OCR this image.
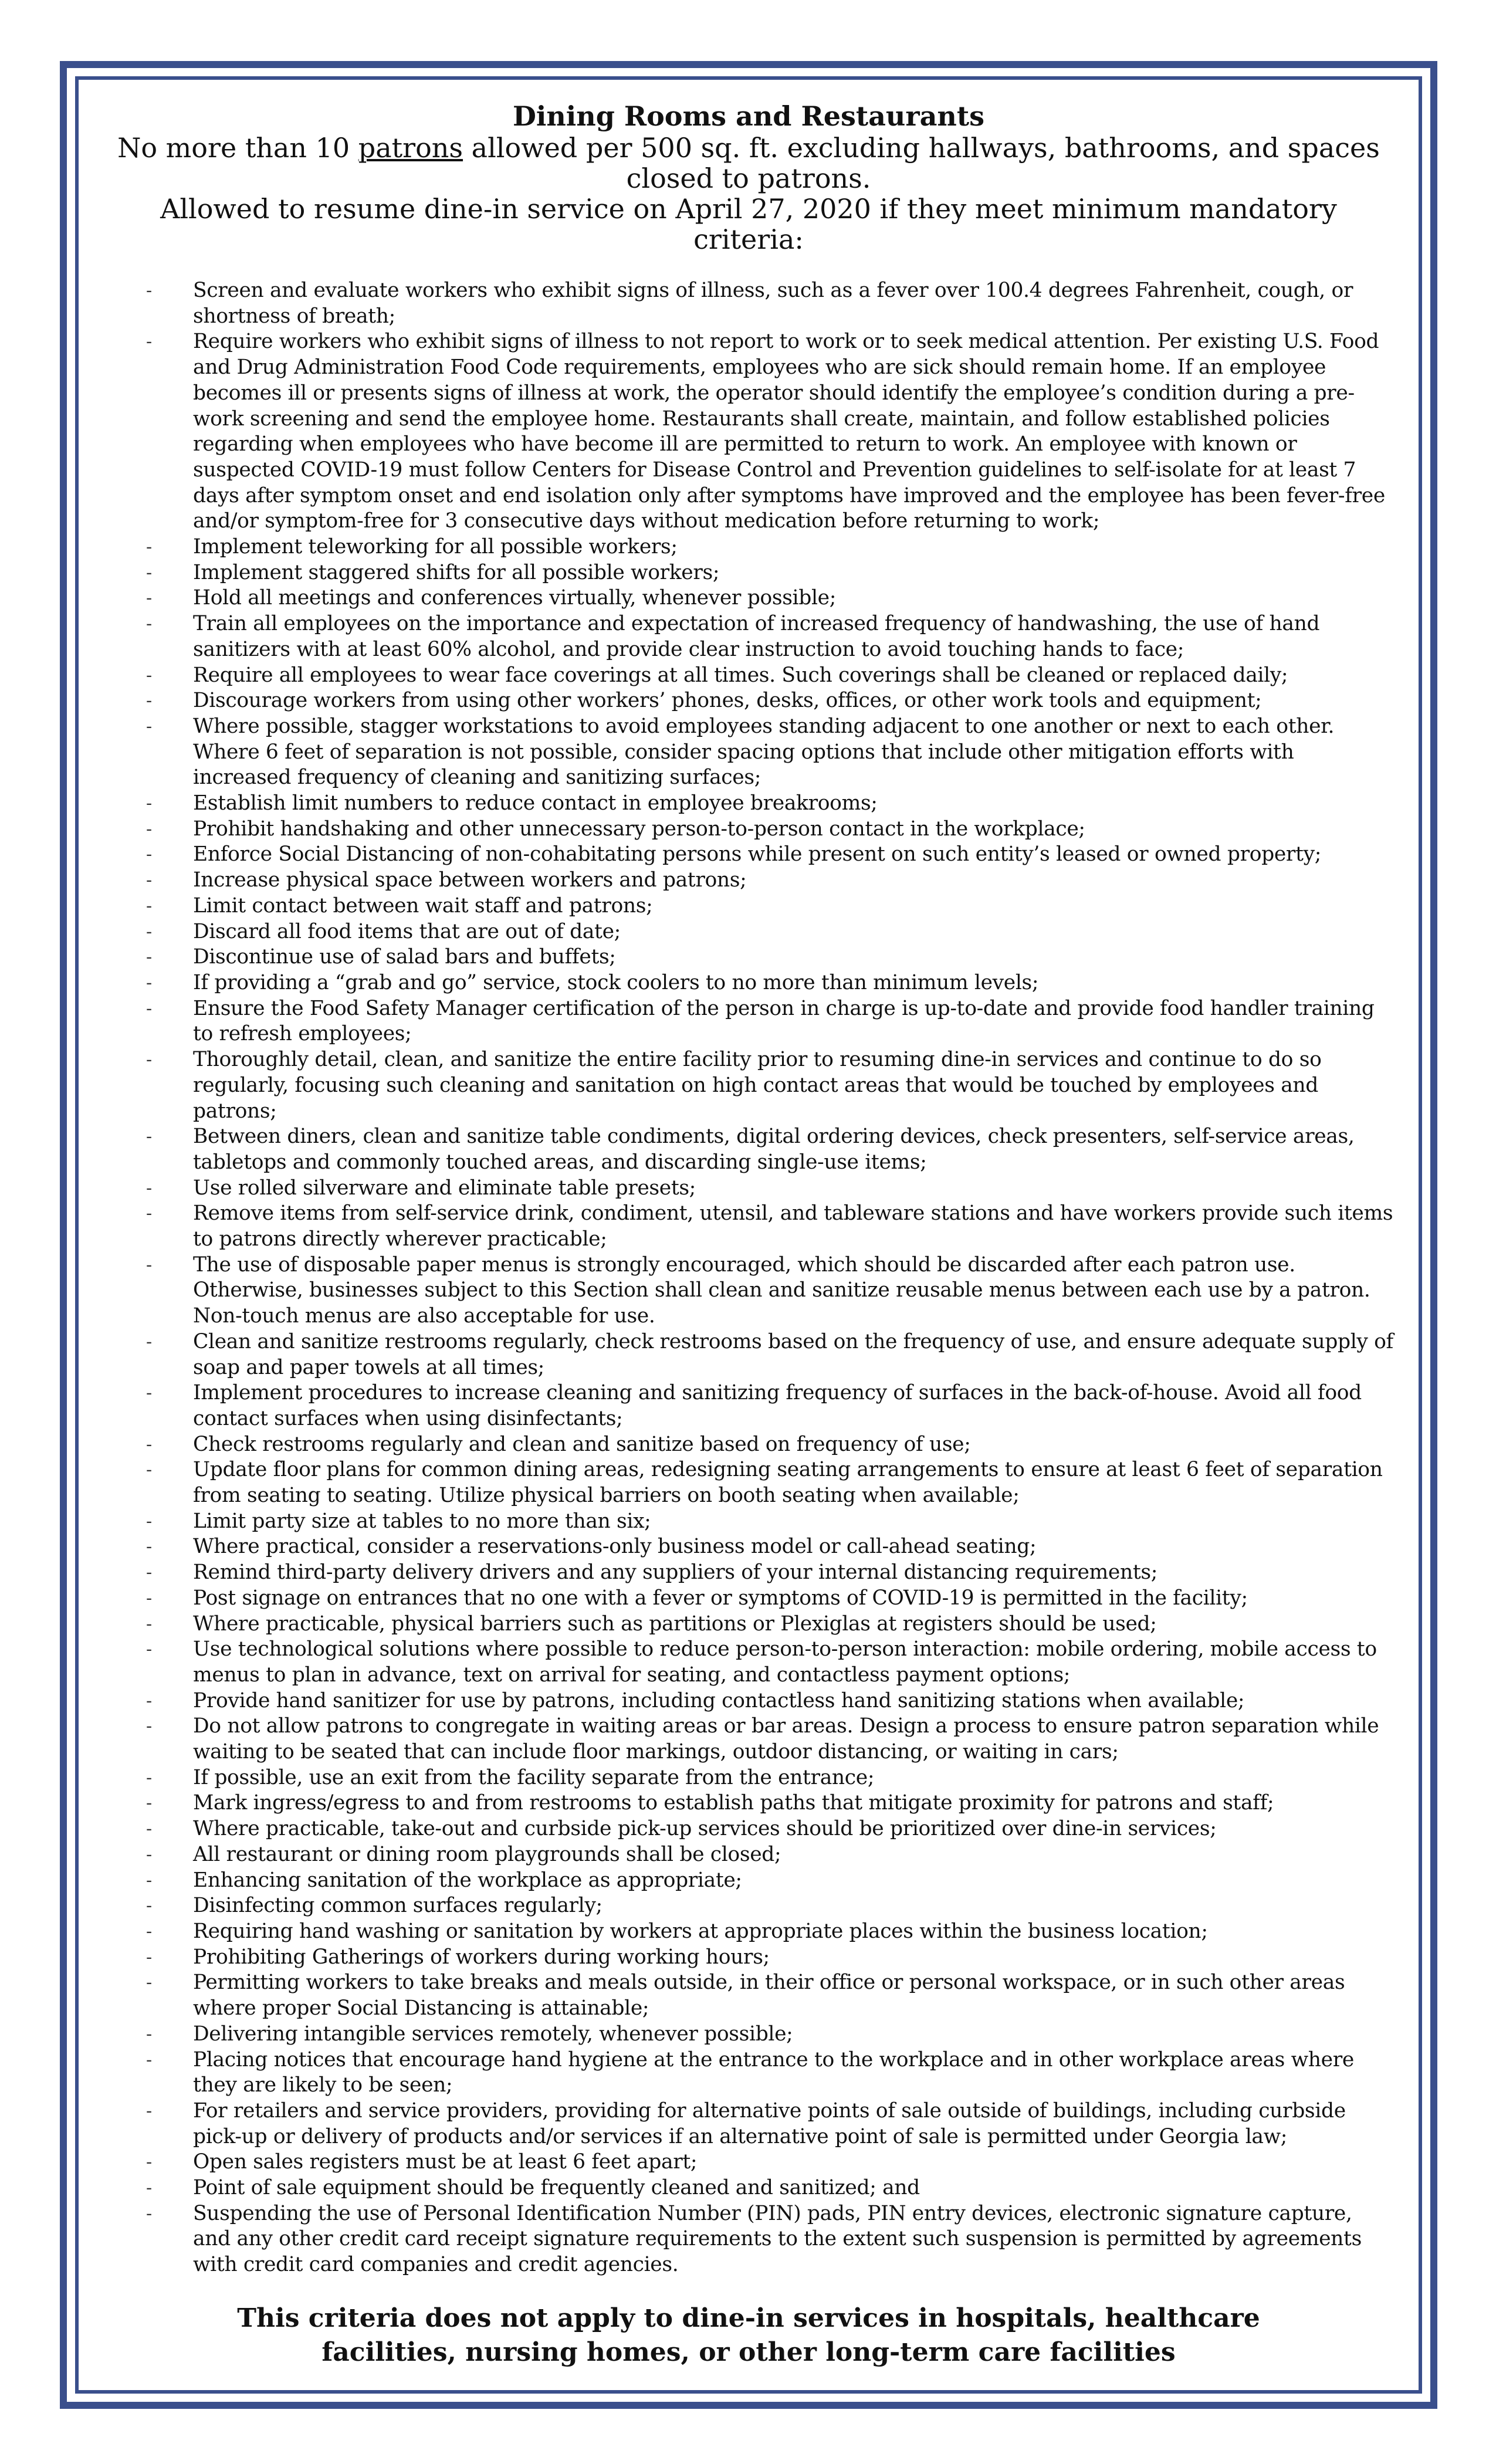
Dining Rooms and Restaurants

No more than 10 patrons allowed per 500 sq. ft. excluding hallways, bathrooms, and spaces closed to patrons.

Allowed to resume dine-in service on April 27, 2020 if they meet minimum mandatory criteria:

- Screen and evaluate workers who exhibit signs of illness, such as a fever over 100.4 degrees Fahrenheit, cough, or shortness of breath;
- Require workers who exhibit signs of illness to not report to work or to seek medical attention. Per existing U.S. Food and Drug Administration Food Code requirements, employees who are sick should remain home. If an employee becomes ill or presents signs of illness at work, the operator should identify the employee’s condition during a pre-work screening and send the employee home. Restaurants shall create, maintain, and follow established policies regarding when employees who have become ill are permitted to return to work. An employee with known or suspected COVID-19 must follow Centers for Disease Control and Prevention guidelines to self-isolate for at least 7 days after symptom onset and end isolation only after symptoms have improved and the employee has been fever-free and/or symptom-free for 3 consecutive days without medication before returning to work;
- Implement teleworking for all possible workers;
- Implement staggered shifts for all possible workers;
- Hold all meetings and conferences virtually, whenever possible;
- Train all employees on the importance and expectation of increased frequency of handwashing, the use of hand sanitizers with at least 60% alcohol, and provide clear instruction to avoid touching hands to face;
- Require all employees to wear face coverings at all times. Such coverings shall be cleaned or replaced daily;
- Discourage workers from using other workers’ phones, desks, offices, or other work tools and equipment;
- Where possible, stagger workstations to avoid employees standing adjacent to one another or next to each other. Where 6 feet of separation is not possible, consider spacing options that include other mitigation efforts with increased frequency of cleaning and sanitizing surfaces;
- Establish limit numbers to reduce contact in employee breakrooms;
- Prohibit handshaking and other unnecessary person-to-person contact in the workplace;
- Enforce Social Distancing of non-cohabitating persons while present on such entity’s leased or owned property;
- Increase physical space between workers and patrons;
- Limit contact between wait staff and patrons;
- Discard all food items that are out of date;
- Discontinue use of salad bars and buffets;
- If providing a “grab and go” service, stock coolers to no more than minimum levels;
- Ensure the Food Safety Manager certification of the person in charge is up-to-date and provide food handler training to refresh employees;
- Thoroughly detail, clean, and sanitize the entire facility prior to resuming dine-in services and continue to do so regularly, focusing such cleaning and sanitation on high contact areas that would be touched by employees and patrons;
- Between diners, clean and sanitize table condiments, digital ordering devices, check presenters, self-service areas, tabletops and commonly touched areas, and discarding single-use items;
- Use rolled silverware and eliminate table presets;
- Remove items from self-service drink, condiment, utensil, and tableware stations and have workers provide such items to patrons directly wherever practicable;
- The use of disposable paper menus is strongly encouraged, which should be discarded after each patron use. Otherwise, businesses subject to this Section shall clean and sanitize reusable menus between each use by a patron. Non-touch menus are also acceptable for use.
- Clean and sanitize restrooms regularly, check restrooms based on the frequency of use, and ensure adequate supply of soap and paper towels at all times;
- Implement procedures to increase cleaning and sanitizing frequency of surfaces in the back-of-house. Avoid all food contact surfaces when using disinfectants;
- Check restrooms regularly and clean and sanitize based on frequency of use;
- Update floor plans for common dining areas, redesigning seating arrangements to ensure at least 6 feet of separation from seating to seating. Utilize physical barriers on booth seating when available;
- Limit party size at tables to no more than six;
- Where practical, consider a reservations-only business model or call-ahead seating;
- Remind third-party delivery drivers and any suppliers of your internal distancing requirements;
- Post signage on entrances that no one with a fever or symptoms of COVID-19 is permitted in the facility;
- Where practicable, physical barriers such as partitions or Plexiglas at registers should be used;
- Use technological solutions where possible to reduce person-to-person interaction: mobile ordering, mobile access to menus to plan in advance, text on arrival for seating, and contactless payment options;
- Provide hand sanitizer for use by patrons, including contactless hand sanitizing stations when available;
- Do not allow patrons to congregate in waiting areas or bar areas. Design a process to ensure patron separation while waiting to be seated that can include floor markings, outdoor distancing, or waiting in cars;
- If possible, use an exit from the facility separate from the entrance;
- Mark ingress/egress to and from restrooms to establish paths that mitigate proximity for patrons and staff;
- Where practicable, take-out and curbside pick-up services should be prioritized over dine-in services;
- All restaurant or dining room playgrounds shall be closed;
- Enhancing sanitation of the workplace as appropriate;
- Disinfecting common surfaces regularly;
- Requiring hand washing or sanitation by workers at appropriate places within the business location;
- Prohibiting Gatherings of workers during working hours;
- Permitting workers to take breaks and meals outside, in their office or personal workspace, or in such other areas where proper Social Distancing is attainable;
- Delivering intangible services remotely, whenever possible;
- Placing notices that encourage hand hygiene at the entrance to the workplace and in other workplace areas where they are likely to be seen;
- For retailers and service providers, providing for alternative points of sale outside of buildings, including curbside pick-up or delivery of products and/or services if an alternative point of sale is permitted under Georgia law;
- Open sales registers must be at least 6 feet apart;
- Point of sale equipment should be frequently cleaned and sanitized; and
- Suspending the use of Personal Identification Number (PIN) pads, PIN entry devices, electronic signature capture, and any other credit card receipt signature requirements to the extent such suspension is permitted by agreements with credit card companies and credit agencies.
This criteria does not apply to dine-in services in hospitals, healthcare facilities, nursing homes, or other long-term care facilities
